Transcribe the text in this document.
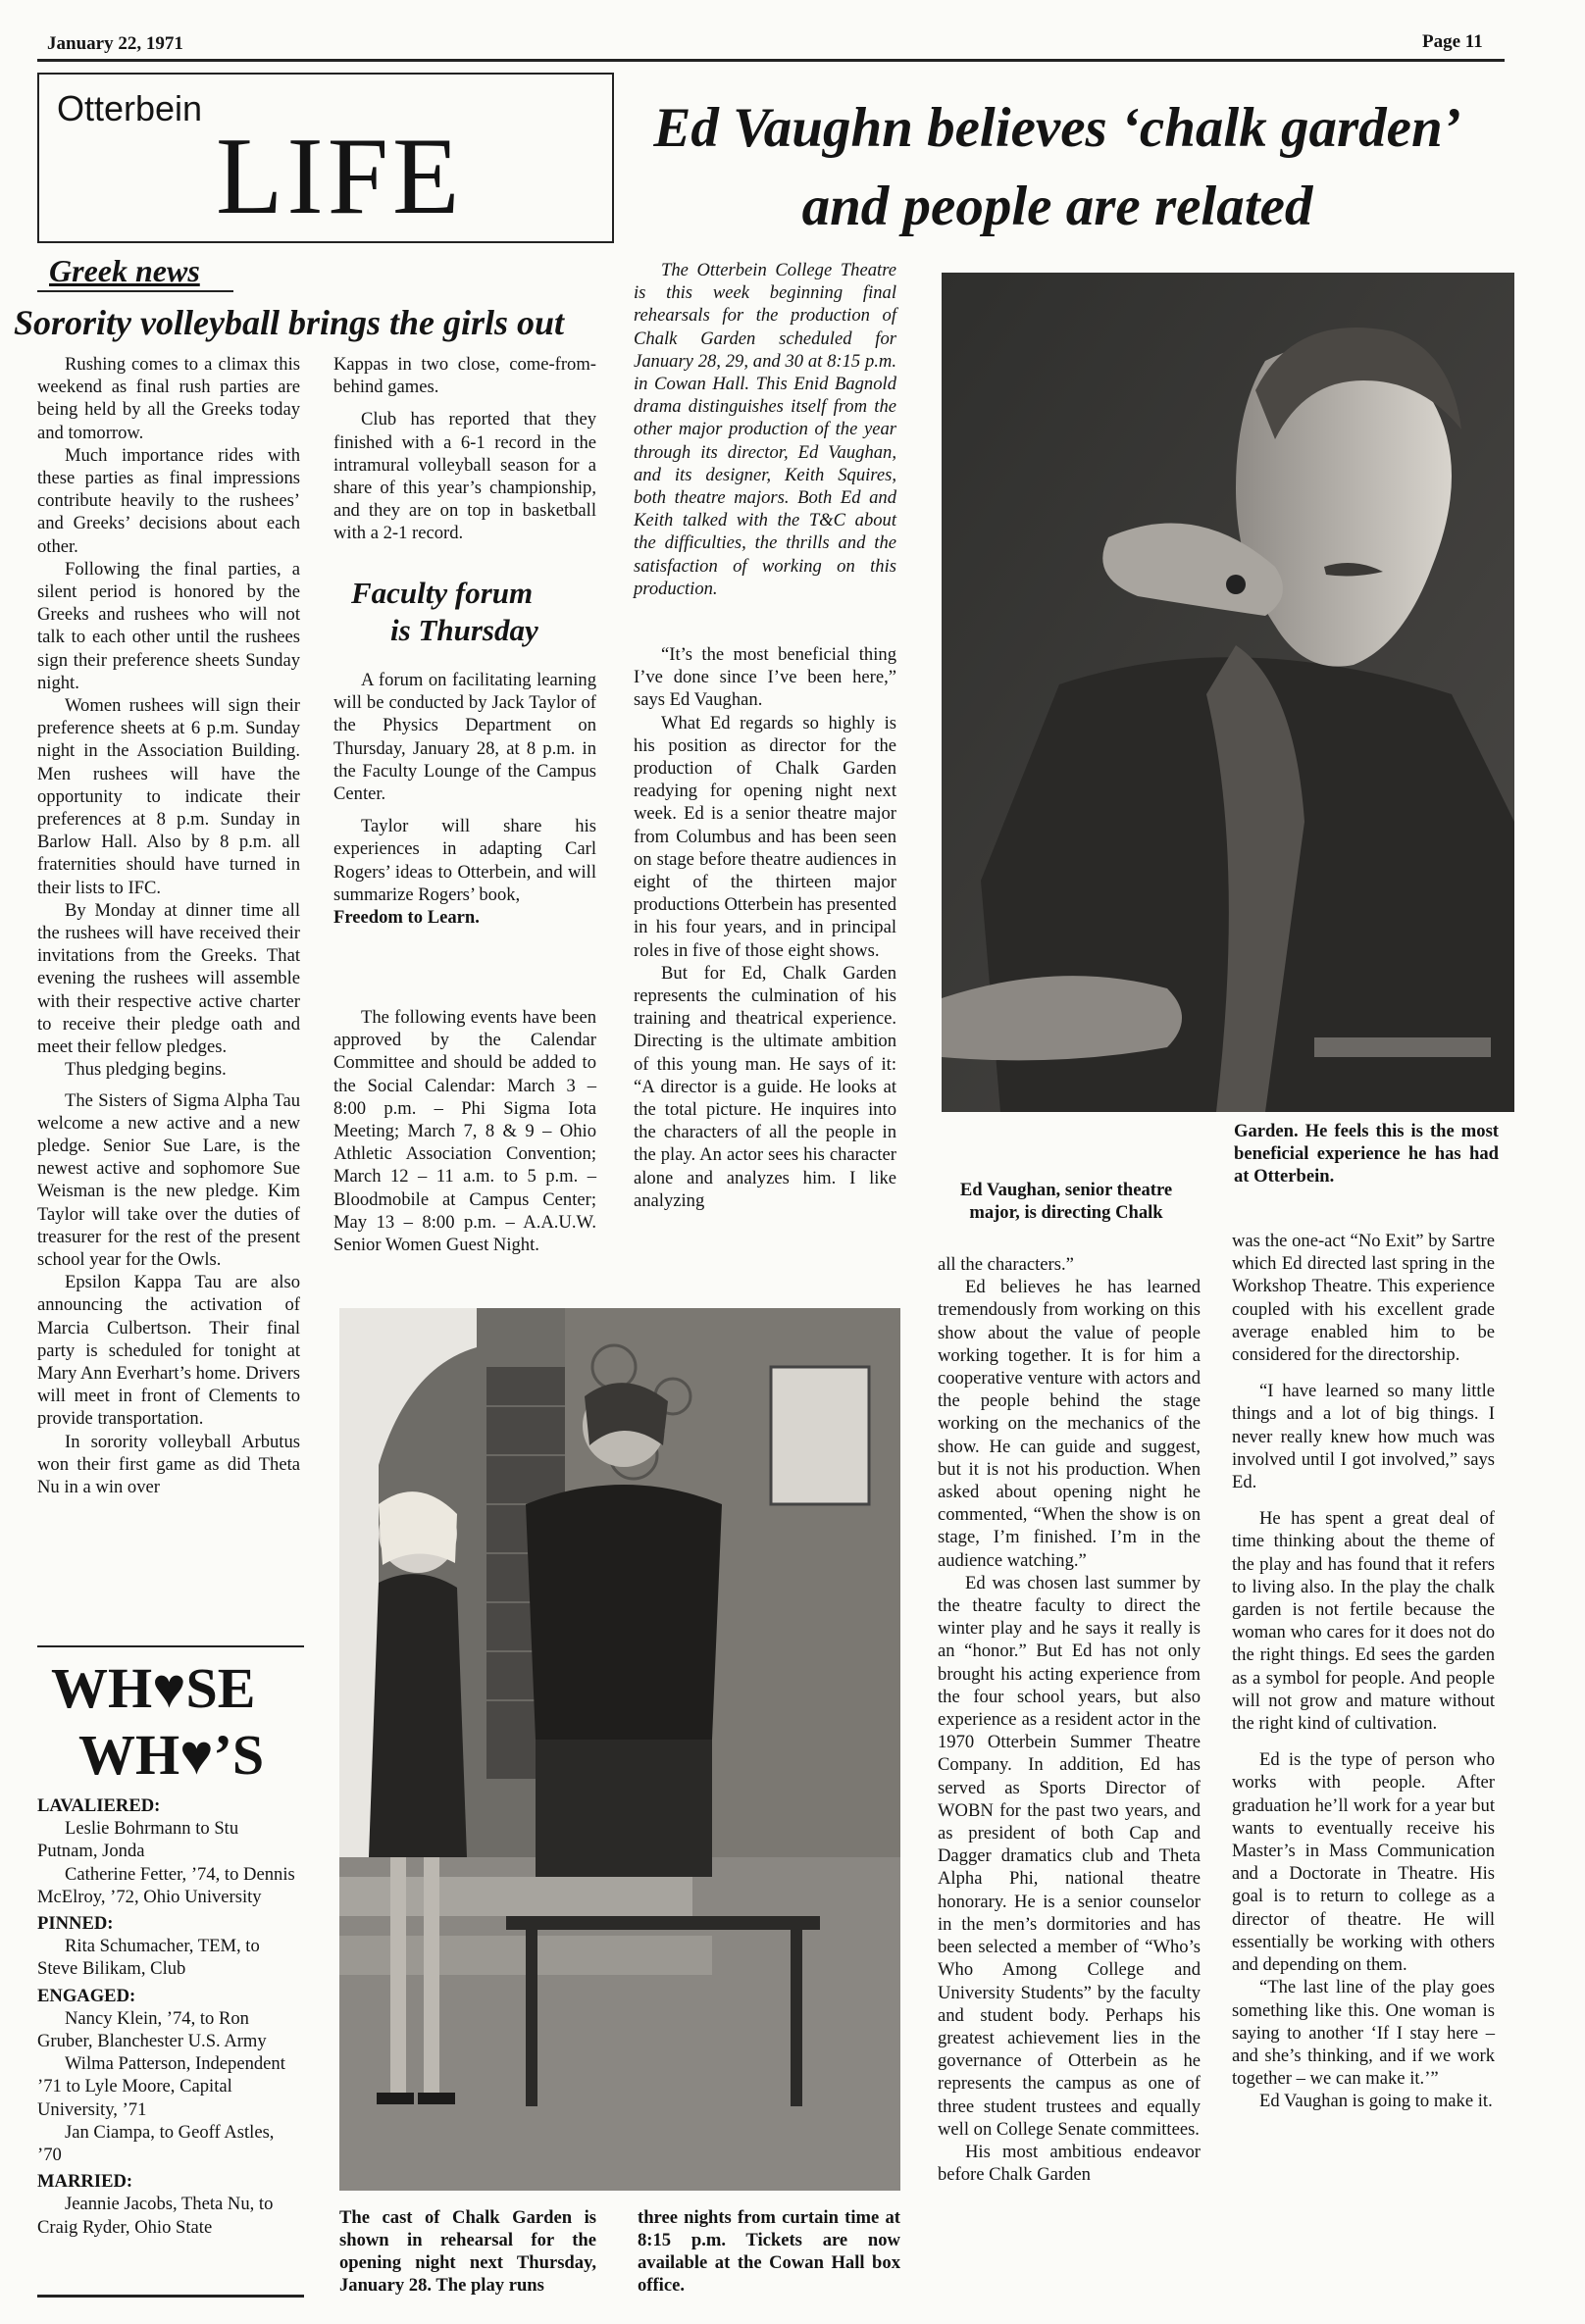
January 22, 1971	Page 11
Otterbein
LIFE	Ed Vaughn believes ‘chalk garden’
and people are related
Greek news
Sorority volleyball brings the girls out

Rushing comes to a climax this weekend as final rush parties are being held by all the Greeks today and tomorrow.

Much importance rides with these parties as final impressions contribute heavily to the rushees’ and Greeks’ decisions about each other.

Following the final parties, a silent period is honored by the Greeks and rushees who will not talk to each other until the rushees sign their preference sheets Sunday night.

Women rushees will sign their preference sheets at 6 p.m. Sunday night in the Association Building. Men rushees will have the opportunity to indicate their preferences at 8 p.m. Sunday in Barlow Hall. Also by 8 p.m. all fraternities should have turned in their lists to IFC.

By Monday at dinner time all the rushees will have received their invitations from the Greeks. That evening the rushees will assemble with their respective active charter to receive their pledge oath and meet their fellow pledges.

Thus pledging begins.

The Sisters of Sigma Alpha Tau welcome a new active and a new pledge. Senior Sue Lare, is the newest active and sophomore Sue Weisman is the new pledge. Kim Taylor will take over the duties of treasurer for the rest of the present school year for the Owls.

Epsilon Kappa Tau are also announcing the activation of Marcia Culbertson. Their final party is scheduled for tonight at Mary Ann Everhart’s home. Drivers will meet in front of Clements to provide transportation.

In sorority volleyball Arbutus won their first game as did Theta Nu in a win over

Kappas in two close, come-from-behind games.

Club has reported that they finished with a 6-1 record in the intramural volleyball season for a share of this year’s championship, and they are on top in basketball with a 2-1 record.

Faculty forum
is Thursday

A forum on facilitating learning will be conducted by Jack Taylor of the Physics Department on Thursday, January 28, at 8 p.m. in the Faculty Lounge of the Campus Center.

Taylor will share his experiences in adapting Carl Rogers’ ideas to Otterbein, and will summarize Rogers’ book,

Freedom to Learn.

The following events have been approved by the Calendar Committee and should be added to the Social Calendar: March 3 – 8:00 p.m. – Phi Sigma Iota Meeting; March 7, 8 & 9 – Ohio Athletic Association Convention; March 12 – 11 a.m. to 5 p.m. – Bloodmobile at Campus Center; May 13 – 8:00 p.m. – A.A.U.W. Senior Women Guest Night.

The Otterbein College Theatre is this week beginning final rehearsals for the production of Chalk Garden scheduled for January 28, 29, and 30 at 8:15 p.m. in Cowan Hall. This Enid Bagnold drama distinguishes itself from the other major production of the year through its director, Ed Vaughan, and its designer, Keith Squires, both theatre majors. Both Ed and Keith talked with the T&C about the difficulties, the thrills and the satisfaction of working on this production.

“It’s the most beneficial thing I’ve done since I’ve been here,” says Ed Vaughan.

What Ed regards so highly is his position as director for the production of Chalk Garden readying for opening night next week. Ed is a senior theatre major from Columbus and has been seen on stage before theatre audiences in eight of the thirteen major productions Otterbein has presented in his four years, and in principal roles in five of those eight shows.

But for Ed, Chalk Garden represents the culmination of his training and theatrical experience. Directing is the ultimate ambition of this young man. He says of it: “A director is a guide. He looks at the total picture. He inquires into the characters of all the people in the play. An actor sees his character alone and analyzes him. I like analyzing

Ed Vaughan, senior theatre major, is directing Chalk
Garden. He feels this is the most beneficial experience he has had at Otterbein.

all the characters.”

Ed believes he has learned tremendously from working on this show about the value of people working together. It is for him a cooperative venture with actors and the people behind the stage working on the mechanics of the show. He can guide and suggest, but it is not his production. When asked about opening night he commented, “When the show is on stage, I’m finished. I’m in the audience watching.”

Ed was chosen last summer by the theatre faculty to direct the winter play and he says it really is an “honor.” But Ed has not only brought his acting experience from the four school years, but also experience as a resident actor in the 1970 Otterbein Summer Theatre Company. In addition, Ed has served as Sports Director of WOBN for the past two years, and as president of both Cap and Dagger dramatics club and Theta Alpha Phi, national theatre honorary. He is a senior counselor in the men’s dormitories and has been selected a member of “Who’s Who Among College and University Students” by the faculty and student body. Perhaps his greatest achievement lies in the governance of Otterbein as he represents the campus as one of three student trustees and equally well on College Senate committees.

His most ambitious endeavor before Chalk Garden

was the one-act “No Exit” by Sartre which Ed directed last spring in the Workshop Theatre. This experience coupled with his excellent grade average enabled him to be considered for the directorship.

“I have learned so many little things and a lot of big things. I never really knew how much was involved until I got involved,” says Ed.

He has spent a great deal of time thinking about the theme of the play and has found that it refers to living also. In the play the chalk garden is not fertile because the woman who cares for it does not do the right things. Ed sees the garden as a symbol for people. And people will not grow and mature without the right kind of cultivation.

Ed is the type of person who works with people. After graduation he’ll work for a year but wants to eventually receive his Master’s in Mass Communication and a Doctorate in Theatre. His goal is to return to college as a director of theatre. He will essentially be working with others and depending on them.

“The last line of the play goes something like this. One woman is saying to another ‘If I stay here – and she’s thinking, and if we work together – we can make it.’”

Ed Vaughan is going to make it.

The cast of Chalk Garden is shown in rehearsal for the opening night next Thursday, January 28. The play runs
three nights from curtain time at 8:15 p.m. Tickets are now available at the Cowan Hall box office.
WH♥SE
WH♥’S
LAVALIERED:
Leslie Bohrmann to Stu Putnam, Jonda
Catherine Fetter, ’74, to Dennis McElroy, ’72, Ohio University
PINNED:
Rita Schumacher, TEM, to Steve Bilikam, Club
ENGAGED:
Nancy Klein, ’74, to Ron Gruber, Blanchester U.S. Army
Wilma Patterson, Independent ’71 to Lyle Moore, Capital University, ’71
Jan Ciampa, to Geoff Astles, ’70
MARRIED:
Jeannie Jacobs, Theta Nu, to Craig Ryder, Ohio State
